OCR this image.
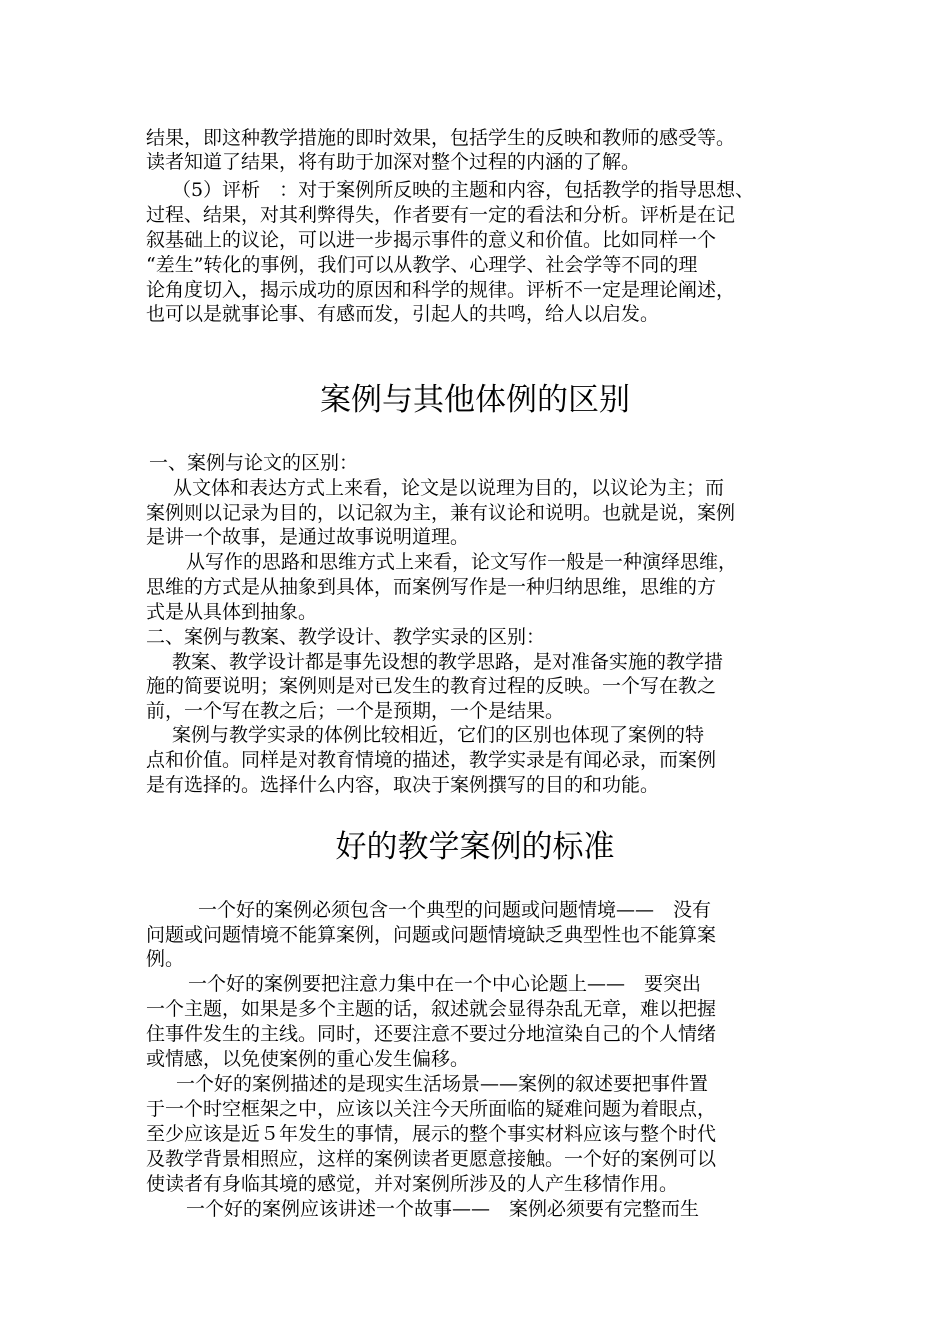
结果，即这种教学措施的即时效果，包括学生的反映和教师的感受等。
读者知道了结果，将有助于加深对整个过程的内涵的了解。
（5）评析　：对于案例所反映的主题和内容，包括教学的指导思想、
过程、结果，对其利弊得失，作者要有一定的看法和分析。评析是在记
叙基础上的议论，可以进一步揭示事件的意义和价值。比如同样一个
“差生”转化的事例，我们可以从教学、心理学、社会学等不同的理
论角度切入，揭示成功的原因和科学的规律。评析不一定是理论阐述，
也可以是就事论事、有感而发，引起人的共鸣，给人以启发。
案例与其他体例的区别
一、案例与论文的区别：
从文体和表达方式上来看，论文是以说理为目的，以议论为主；而
案例则以记录为目的，以记叙为主，兼有议论和说明。也就是说，案例
是讲一个故事，是通过故事说明道理。
从写作的思路和思维方式上来看，论文写作一般是一种演绎思维，
思维的方式是从抽象到具体，而案例写作是一种归纳思维，思维的方
式是从具体到抽象。
二、案例与教案、教学设计、教学实录的区别：
教案、教学设计都是事先设想的教学思路，是对准备实施的教学措
施的简要说明；案例则是对已发生的教育过程的反映。一个写在教之
前，一个写在教之后；一个是预期，一个是结果。
案例与教学实录的体例比较相近，它们的区别也体现了案例的特
点和价值。同样是对教育情境的描述，教学实录是有闻必录，而案例
是有选择的。选择什么内容，取决于案例撰写的目的和功能。
好的教学案例的标准
一个好的案例必须包含一个典型的问题或问题情境——　没有
问题或问题情境不能算案例，问题或问题情境缺乏典型性也不能算案
例。
一个好的案例要把注意力集中在一个中心论题上——　要突出
一个主题，如果是多个主题的话，叙述就会显得杂乱无章，难以把握
住事件发生的主线。同时，还要注意不要过分地渲染自己的个人情绪
或情感，以免使案例的重心发生偏移。
一个好的案例描述的是现实生活场景——案例的叙述要把事件置
于一个时空框架之中，应该以关注今天所面临的疑难问题为着眼点，
至少应该是近５年发生的事情，展示的整个事实材料应该与整个时代
及教学背景相照应，这样的案例读者更愿意接触。一个好的案例可以
使读者有身临其境的感觉，并对案例所涉及的人产生移情作用。
一个好的案例应该讲述一个故事——　案例必须要有完整而生
